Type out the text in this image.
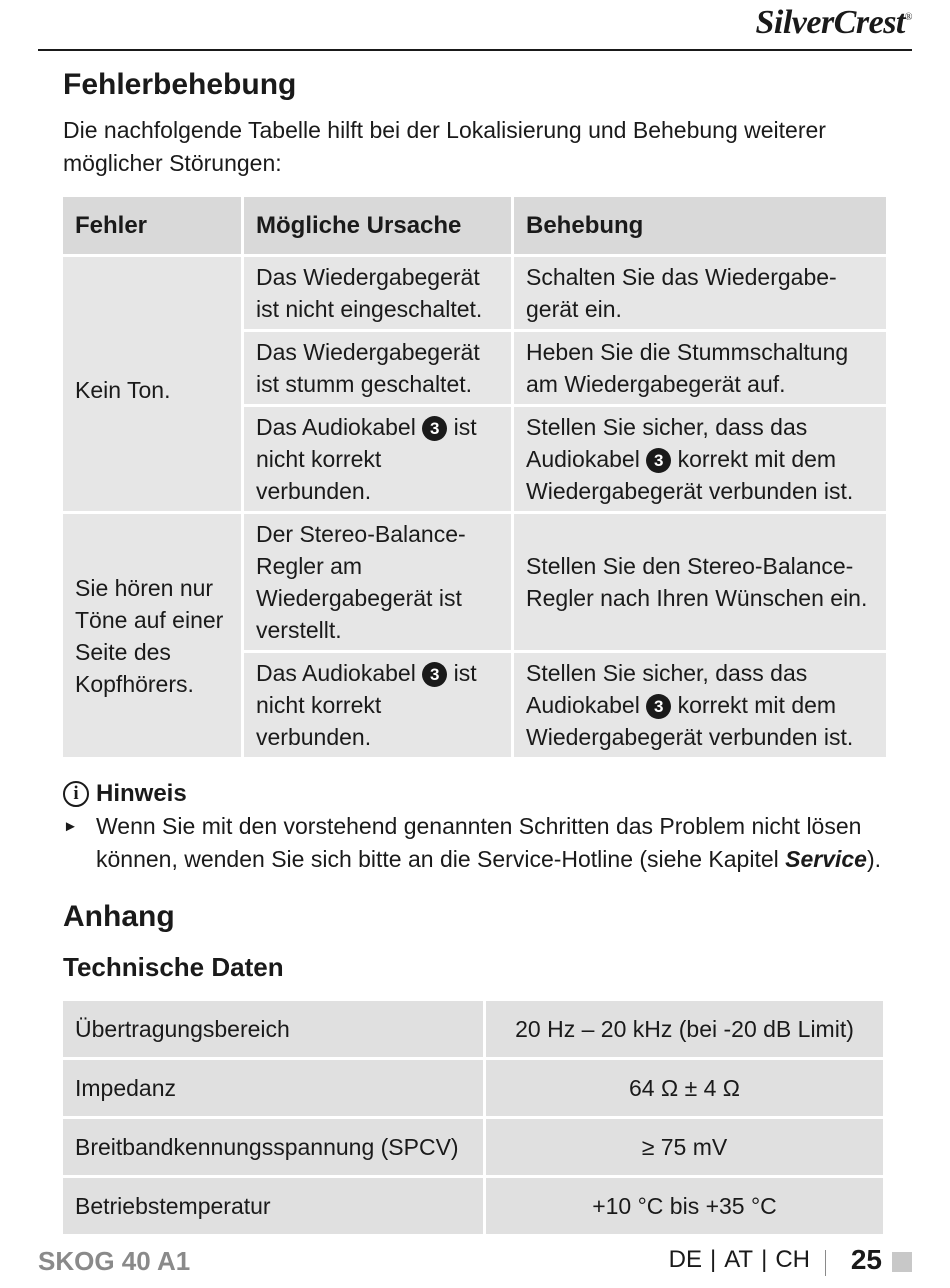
SilverCrest®
Fehlerbehebung

Die nachfolgende Tabelle hilft bei der Lokalisierung und Behebung weiterer möglicher Störungen:

Fehler	Mögliche Ursache	Behebung
Kein Ton.	Das Wiedergabegerät ist nicht eingeschaltet.	Schalten Sie das Wiedergabegerät ein.
	Das Wiedergabegerät ist stumm geschaltet.	Heben Sie die Stummschaltung am Wiedergabegerät auf.
	Das Audiokabel 3 ist nicht korrekt verbunden.	Stellen Sie sicher, dass das Audiokabel 3 korrekt mit dem Wiedergabegerät verbunden ist.
Sie hören nur Töne auf einer Seite des Kopfhörers.	Der Stereo-Balance-Regler am Wiedergabegerät ist verstellt.	Stellen Sie den Stereo-Balance-Regler nach Ihren Wünschen ein.
	Das Audiokabel 3 ist nicht korrekt verbunden.	Stellen Sie sicher, dass das Audiokabel 3 korrekt mit dem Wiedergabegerät verbunden ist.
i Hinweis
► Wenn Sie mit den vorstehend genannten Schritten das Problem nicht lösen können, wenden Sie sich bitte an die Service-Hotline (siehe Kapitel Service).
Anhang
Technische Daten
Übertragungsbereich	20 Hz – 20 kHz (bei -20 dB Limit)
Impedanz	64 Ω ± 4 Ω
Breitbandkennungsspannung (SPCV)	≥ 75 mV
Betriebstemperatur	+10 °C bis +35 °C
SKOG 40 A1	DE | AT | CH 25
